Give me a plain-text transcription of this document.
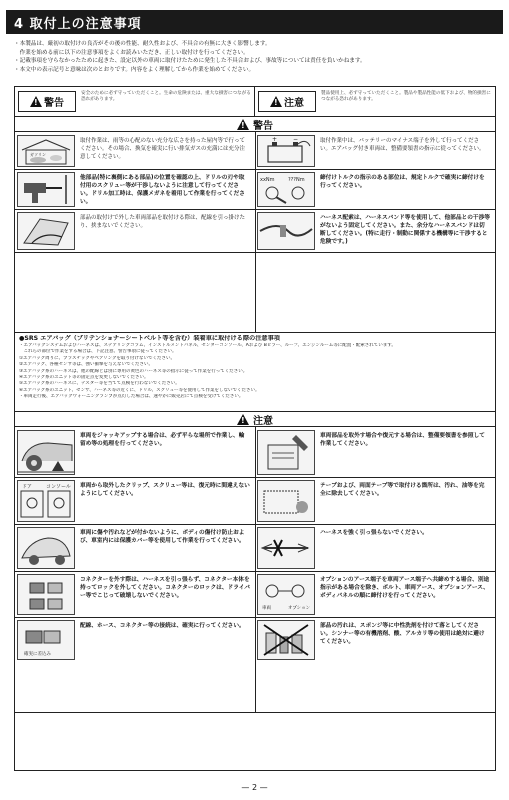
4 取付上の注意事項
・本製品は、厳初の取付けの良否がその後の性能、耐久性および、不具合の有無に大きく影響します。
　作業を始める前に以下の注意事項をよくお読みいただき、正しい取付けを行ってください。
・記載事項を守らなかったために起きた、設定以外の車両に取付けたために発生した不具合および、事故等については責任を負いかねます。
・本文中の表示記号と意味は次のとおりです。内容をよく理解してから作業を始めてください。
!
警告
安全のために必ず守っていただくこと。生命の危険または、重大な損害につながる恐れがあります。
!	注意
製品使用上、必ず守っていただくこと。製品や製品性能の低下および、物的損害につながる恐れがあります。
!
警告
ガソリン
取付作業は、雨等の心配のない充分な広さを持った屋内等で行ってください。その場合、換気を確実に行い排気ガスの充満には充分注意してください。
+	−	取付作業中は、バッテリーのマイナス端子を外して行ってください。エアバッグ付き車両は、整備要領書の指示に従ってください。
他部品(特に裏側にある部品)の位置を確認の上、ドリルの刃や取付用のスクリュー等が干渉しないように注意して行ってください。ドリル加工時は、保護メガネを着用して作業を行ってください。
xxNm	???Nm	締付けトルクの指示のある部位は、規定トルクで確実に締付けを行ってください。
部品の取付けで外した車両部品を取付ける際は、配線を引っ掛けたり、挟まないでください。
ハーネス配索は、ハーネスバンド等を使用して、他部品との干渉等がないよう固定してください。また、余分なハーネスバンドは切断してください。(特に走行・制動に関係する機構等に干渉すると危険です。)
●SRS エアバッグ（プリテンショナーシートベルト等を含む）装着車に取付ける際の注意事項
・エアバッグシステムおよびハーネスは、ステアリングコラム、インストルメントパネル、センターコンソール、Aおよび Bピラー、ルーフ、エンジンルーム等に配置・配索されています。
　これらの部位で作業をする場合は、下記注意、警告事項に従ってください。
①エアバッグ周りに、プラスチックやベアリングを取り付けないでください。
②エアバッグ、各種センサ等は、強い衝撃を与えないでください。
③エアバッグ系のハーネスは、他の配線とは別に専用の黄色のハーネス等の指示に従って作業を行ってください。
④エアバッグ系のユニット等の固定点を変更しないでください。
⑤エアバッグ系のハーネスに、テスター等を当てて点検を行わないでください。
⑥エアバッグ系のユニット、センサ、ハーネス等の近くに、ドリル、スクリュー等を使用して作業をしないでください。
・車両走行後、エアバッグウォーニングランプが点灯した場合は、速やかに販売店にて点検を受けてください。
!
注意
車両をジャッキアップする場合は、必ず平らな場所で作業し、輪留め等の処理を行ってください。
車両部品を取外す場合や復元する場合は、整備要領書を参照して作業してください。
ドア	コンソール 車両から取外したクリップ、スクリュー等は、復元時に間違えないようにしてください。
テープおよび、両面テープ等で取付ける箇所は、汚れ、油等を完全に除去してください。
車両に傷や汚れなどが付かないように、ボディの傷付け防止および、車室内には保護カバー等を使用して作業を行ってください。
ハーネスを強く引っ張らないでください。
コネクターを外す際は、ハーネスを引っ張らず、コネクター本体を持ってロックを外してください。コネクターのロックは、ドライバー等でこじって破壊しないでください。
車両	オプション
オプションのアース端子を車両アース端子へ共締めする場合、別途指示がある場合を除き、ボルト、車両アース、オプションアース、ボディパネルの順に締付けを行ってください。
確実に差込み
配線、ホース、コネクター等の接続は、確実に行ってください。	部品の汚れは、スポンジ等に中性洗剤を付けて落としてください。シンナー等の有機溶剤、酸、アルカリ等の使用は絶対に避けてください。
— 2 —
